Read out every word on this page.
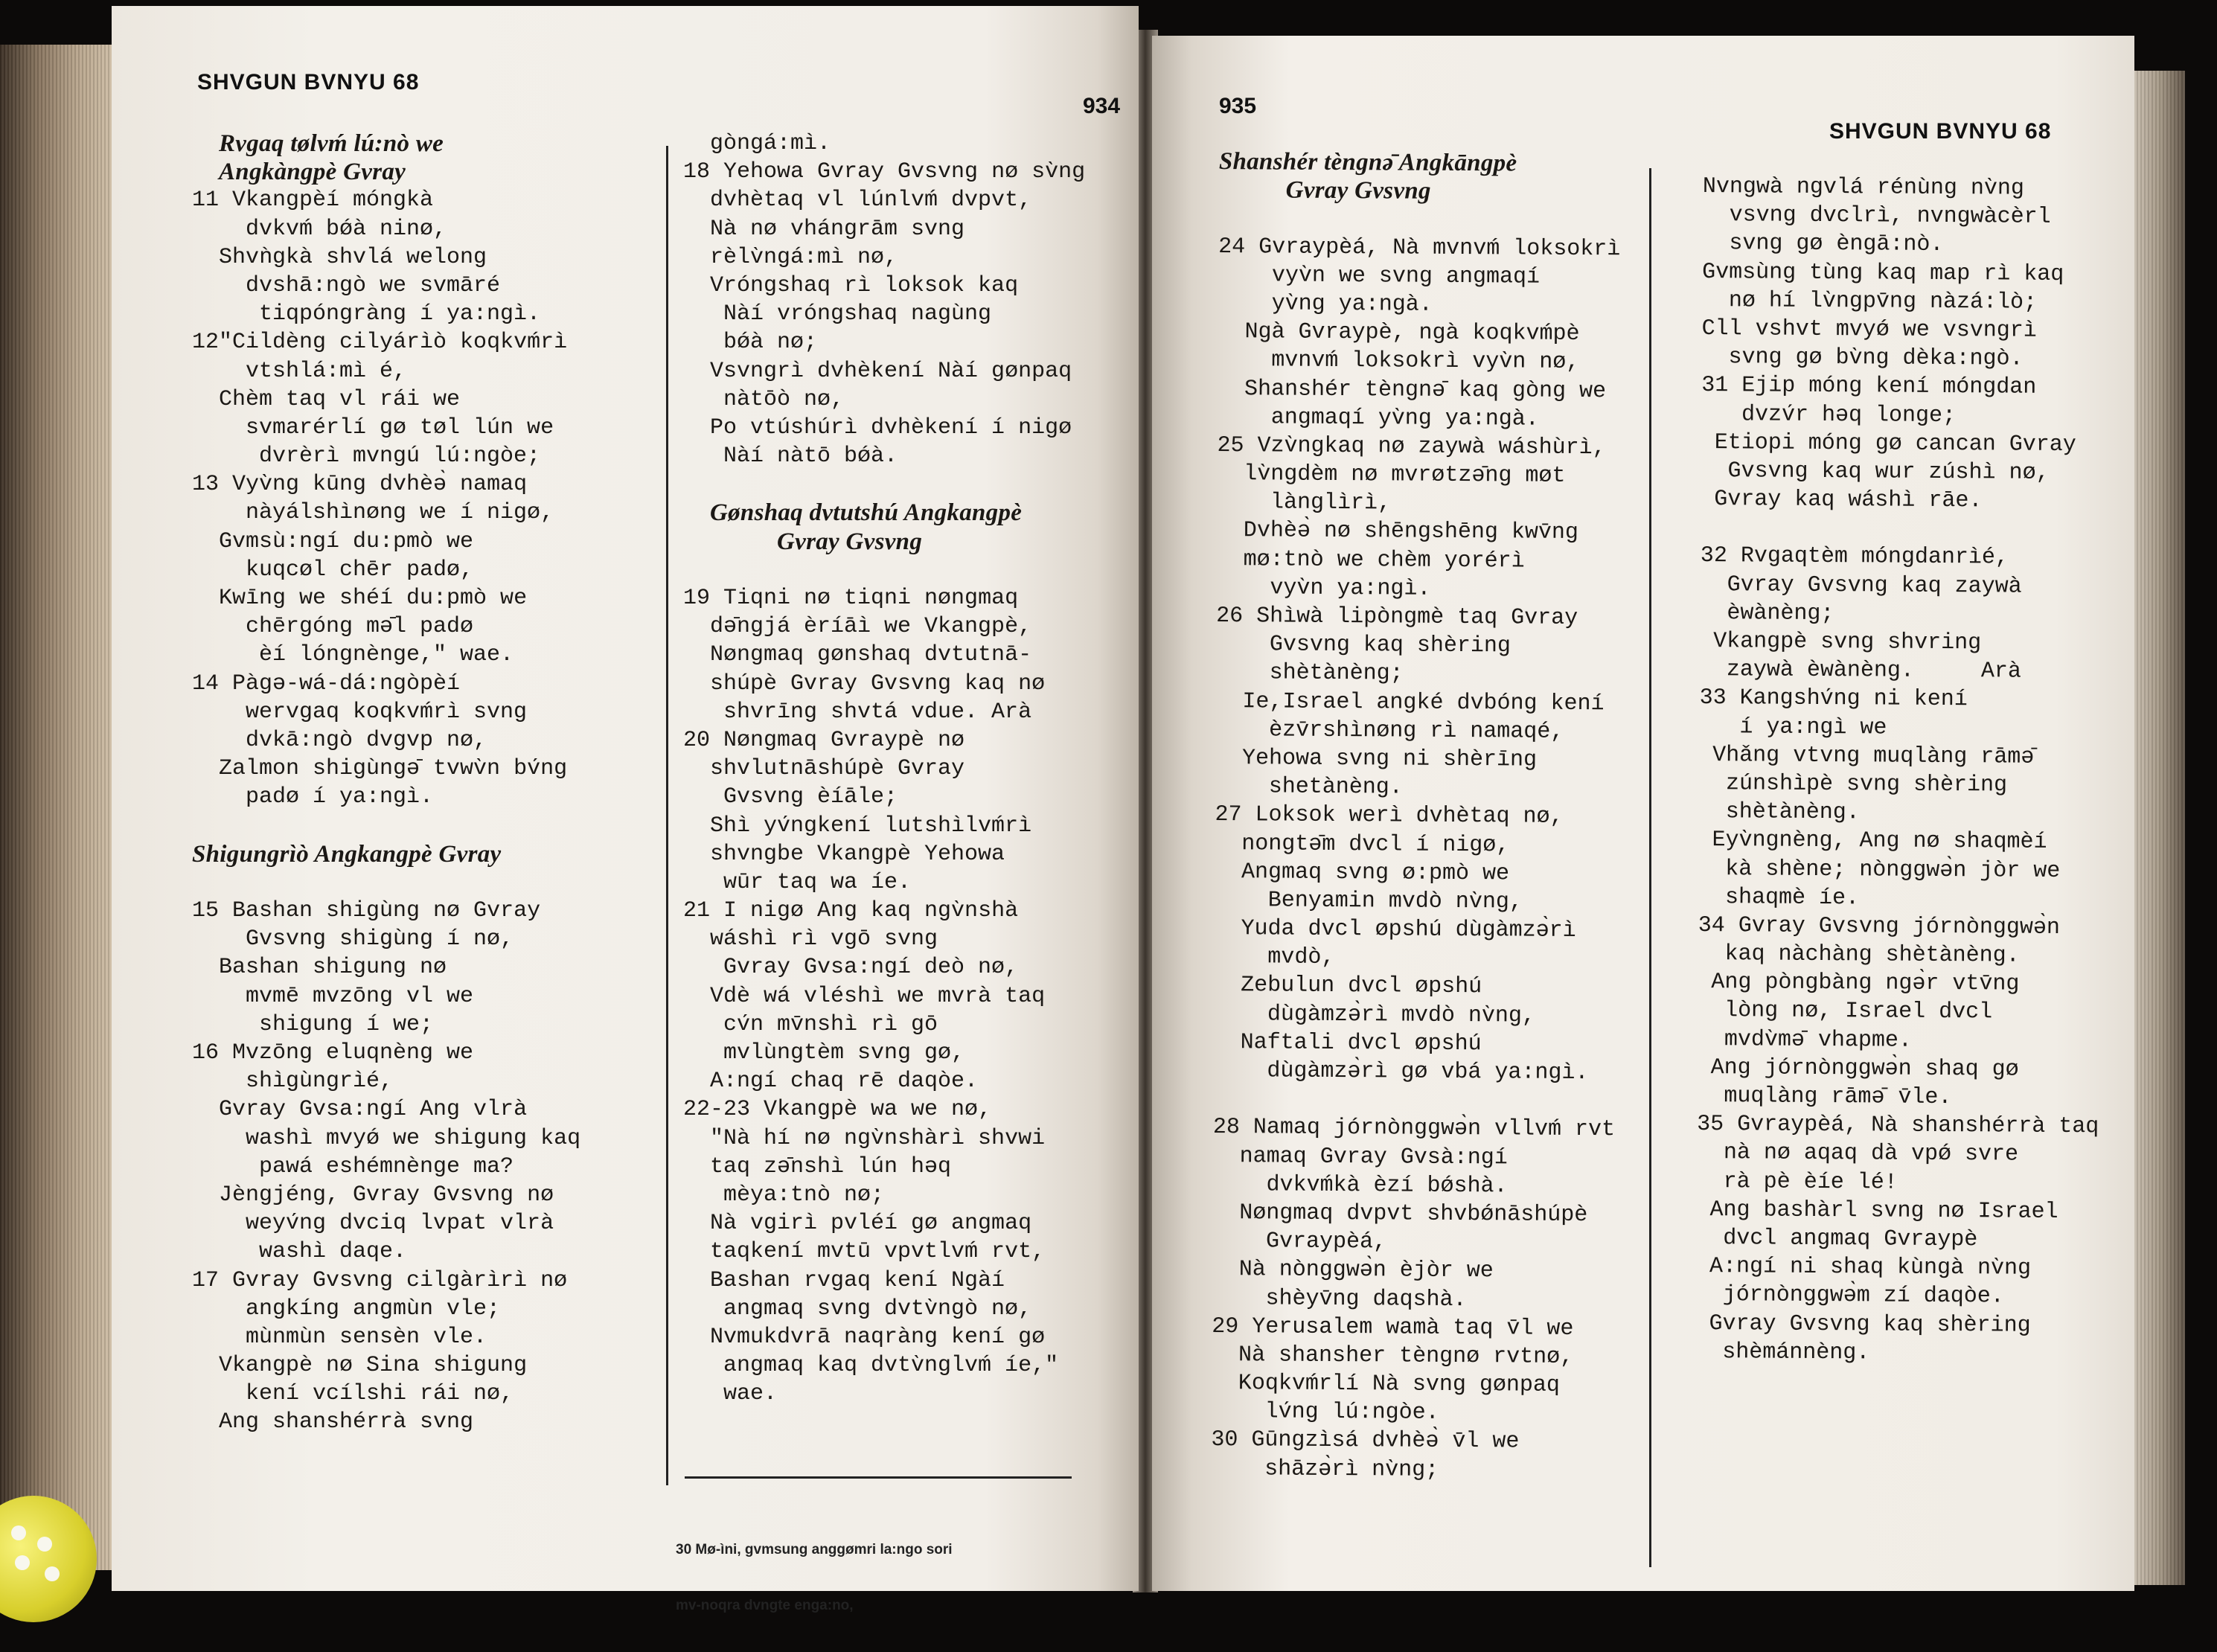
SHVGUN BVNYU 68
934
Rvgaq tølvḿ lú:nò we
Angkàngpè Gvray
11 Vkangpèí móngkà
dvkvḿ bǿà ninø,
Shvǹgkà shvlá welong
dvshā:ngò we svmāré
tiqpóngràng í ya:ngì.
12"Cildèng cilyárìò koqkvḿrì
vtshlá:mì é,
Chèm taq vl rái we
svmarérlí gø tøl lún we
dvrèrì mvngú lú:ngòe;
13 Vyv̀ng kūng dvhèə̀ namaq
nàyálshìnøng we í nigø,
Gvmsù:ngí du:pmò we
kuqcøl chēr padø,
Kwīng we shéí du:pmò we
chērgóng mǝ̄l padø
èí lóngnènge," wae.
14 Pàgǝ-wá-dá:ngòpèí
wervgaq koqkvḿrì svng
dvkā:ngò dvgvp nø,
Zalmon shigùngǝ̄ tvwv̀n bv́ng
padø í ya:ngì.
Shigungrìò Angkangpè Gvray
15 Bashan shigùng nø Gvray
Gvsvng shigùng í nø,
Bashan shigung nø
mvmē mvzōng vl we
shigung í we;
16 Mvzōng eluqnèng we
shìgùngrìé,
Gvray Gvsa:ngí Ang vlrà
washì mvyǿ we shigung kaq
pawá eshémnènge ma?
Jèngjéng, Gvray Gvsvng nø
weyv́ng dvciq lvpat vlrà
washì daqe.
17 Gvray Gvsvng cilgàrìrì nø
angkíng angmùn vle;
mùnmùn sensèn vle.
Vkangpè nø Sina shigung
kení vcílshi rái nø,
Ang shanshérrà svng
gòngá:mì.
18 Yehowa Gvray Gvsvng nø sv̀ng
dvhètaq vl lúnlvḿ dvpvt,
Nà nø vhángrām svng
rèlv̀ngá:mì nø,
Vróngshaq rì loksok kaq
Nàí vróngshaq nagùng
bǿà nø;
Vsvngrì dvhèkení Nàí gønpaq
nàtōò nø,
Po vtúshúrì dvhèkení í nigø
Nàí nàtō bǿà.
Gønshaq dvtutshú Angkangpè
Gvray Gvsvng
19 Tiqni nø tiqni nøngmaq
dǝ̄ngjá èríāì we Vkangpè,
Nøngmaq gønshaq dvtutnā-
shúpè Gvray Gvsvng kaq nø
shvrīng shvtá vdue. Arà
20 Nøngmaq Gvraypè nø
shvlutnāshúpè Gvray
Gvsvng èíāle;
Shì yv́ngkení lutshìlvḿrì
shvngbe Vkangpè Yehowa
wūr taq wa íe.
21 I nigø Ang kaq ngv̀nshà
wáshì rì vgō svng
Gvray Gvsa:ngí deò nø,
Vdè wá vléshì we mvrà taq
cv́n mv̄nshì rì gō
mvlùngtèm svng gø,
A:ngí chaq rē daqòe.
22-23 Vkangpè wa we nø,
"Nà hí nø ngv̀nshàrì shvwi
taq zǝ̄nshì lún hǝq
mèya:tnò nø;
Nà vgirì pvléí gø angmaq
taqkení mvtū vpvtlvḿ rvt,
Bashan rvgaq kení Ngàí
angmaq svng dvtv̀ngò nø,
Nvmukdvrā naqràng kení gø
angmaq kaq dvtv̀nglvḿ íe,"
wae.

30 Mø-ìni, gvmsung anggømri la:ngo sori

mv-noqra dvngte enga:no,

935
SHVGUN BVNYU 68
Shanshér tèngnǝ̄ Angkāngpè
Gvray Gvsvng
24 Gvraypèá, Nà mvnvḿ loksokrì
vyv̀n we svng angmaqí
yv̀ng ya:ngà.
Ngà Gvraypè, ngà koqkvḿpè
mvnvḿ loksokrì vyv̀n nø,
Shanshér tèngnǝ̄ kaq gòng we
angmaqí yv̀ng ya:ngà.
25 Vzv̀ngkaq nø zaywà wáshùrì,
lv̀ngdèm nø mvrøtzǝ̄ng møt
lànglìrì,
Dvhèə̀ nø shēngshēng kwv̄ng
mø:tnò we chèm yorérì
vyv̀n ya:ngì.
26 Shìwà lipòngmè taq Gvray
Gvsvng kaq shèring
shètànèng;
Ie,Israel angké dvbóng kení
èzv̄rshìnøng rì namaqé,
Yehowa svng ni shèrīng
shetànèng.
27 Loksok werì dvhètaq nø,
nongtǝ̄m dvcl í nigø,
Angmaq svng ø:pmò we
Benyamin mvdò nv̀ng,
Yuda dvcl øpshú dùgàmzǝ̀rì
mvdò,
Zebulun dvcl øpshú
dùgàmzǝ̀rì mvdò nv̀ng,
Naftali dvcl øpshú
dùgàmzǝ̀rì gø vbá ya:ngì.
28 Namaq jórnònggwǝ̀n vllvḿ rvt
namaq Gvray Gvsà:ngí
dvkvḿkà èzí bǿshà.
Nøngmaq dvpvt shvbǿnāshúpè
Gvraypèá,
Nà nònggwǝ̀n èjòr we
shèyv̄ng daqshà.
29 Yerusalem wamà taq v̄l we
Nà shansher tèngnø rvtnø,
Koqkvḿrlí Nà svng gønpaq
lv́ng lú:ngòe.
30 Gūngzìsá dvhèə̀ v̄l we
shāzǝ̀rì nv̀ng;
Nvngwà ngvlá rénùng nv̀ng
vsvng dvclrì, nvngwàcèrl
svng gø èngā:nò.
Gvmsùng tùng kaq map rì kaq
nø hí lv̀ngpv̄ng nàzá:lò;
Cll vshvt mvyǿ we vsvngrì
svng gø bv̀ng dèka:ngò.
31 Ejip móng kení móngdan
dvzv́r hǝq longe;
Etiopi móng gø cancan Gvray
Gvsvng kaq wur zúshì nø,
Gvray kaq wáshì rāe.
32 Rvgaqtèm móngdanrìé,
Gvray Gvsvng kaq zaywà
èwànèng;
Vkangpè svng shvring
zaywà èwànèng.     Arà
33 Kangshv́ng ni kení
í ya:ngì we
Vhǎng vtvng muqlàng rāmǝ̄
zúnshìpè svng shèring
shètànèng.
Eyv̀ngnèng, Ang nø shaqmèí
kà shène; nònggwǝ̀n jòr we
shaqmè íe.
34 Gvray Gvsvng jórnònggwǝ̀n
kaq nàchàng shètànèng.
Ang pòngbàng ngǝ̀r vtv̄ng
lòng nø, Israel dvcl
mvdv̀mǝ̄ vhapme.
Ang jórnònggwǝ̀n shaq gø
muqlàng rāmǝ̄ v̄le.
35 Gvraypèá, Nà shanshérrà taq
nà nø aqaq dà vpǿ svre
rà pè èíe lé!
Ang bashàrl svng nø Israel
dvcl angmaq Gvraypè
A:ngí ni shaq kùngà nv̀ng
jórnònggwǝ̀m zí daqòe.
Gvray Gvsvng kaq shèring
shèmánnèng.
